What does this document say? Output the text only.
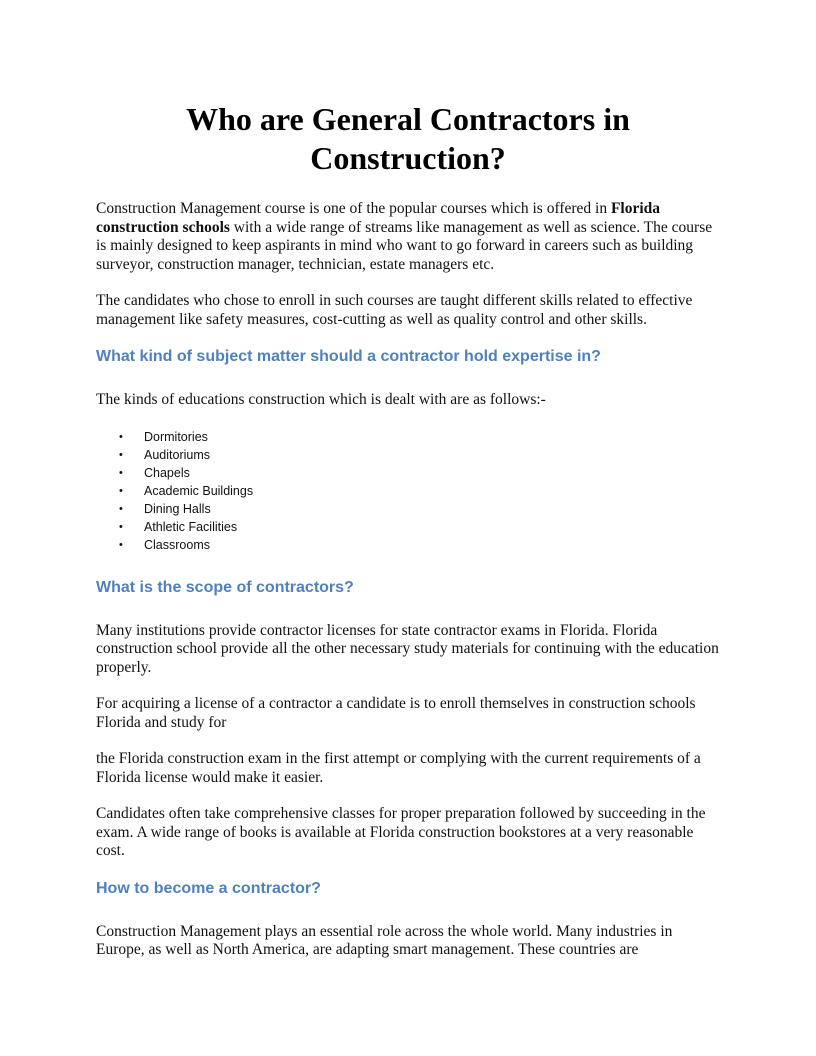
Who are General Contractors in
Construction?

Construction Management course is one of the popular courses which is offered in Florida construction schools with a wide range of streams like management as well as science. The course is mainly designed to keep aspirants in mind who want to go forward in careers such as building surveyor, construction manager, technician, estate managers etc.

The candidates who chose to enroll in such courses are taught different skills related to effective management like safety measures, cost-cutting as well as quality control and other skills.

What kind of subject matter should a contractor hold expertise in?

The kinds of educations construction which is dealt with are as follows:-

• Dormitories
• Auditoriums
• Chapels
• Academic Buildings
• Dining Halls
• Athletic Facilities
• Classrooms
What is the scope of contractors?

Many institutions provide contractor licenses for state contractor exams in Florida. Florida construction school provide all the other necessary study materials for continuing with the education properly.

For acquiring a license of a contractor a candidate is to enroll themselves in construction schools Florida and study for

the Florida construction exam in the first attempt or complying with the current requirements of a Florida license would make it easier.

Candidates often take comprehensive classes for proper preparation followed by succeeding in the exam. A wide range of books is available at Florida construction bookstores at a very reasonable cost.

How to become a contractor?

Construction Management plays an essential role across the whole world. Many industries in Europe, as well as North America, are adapting smart management. These countries are
